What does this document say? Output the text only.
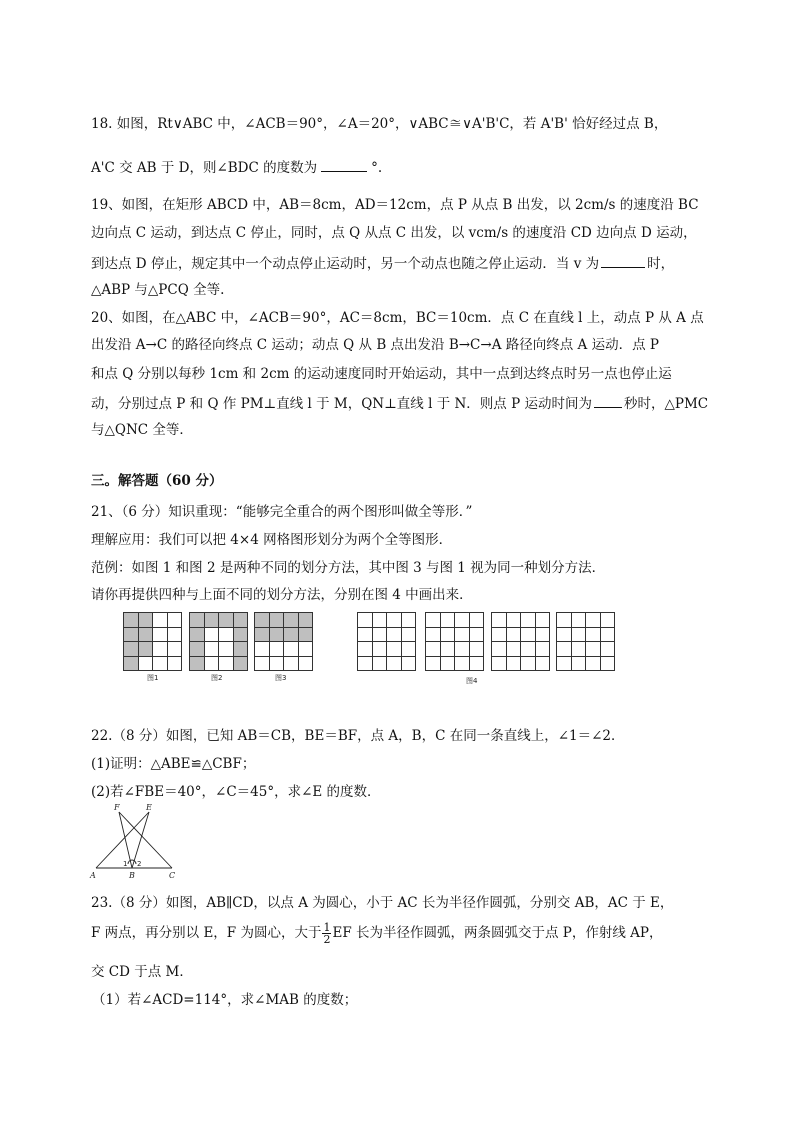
18. 如图，Rt∨ABC 中，∠ACB＝90°，∠A＝20°，∨ABC≅∨A'B'C，若 A'B' 恰好经过点 B，
A'C 交 AB 于 D，则∠BDC 的度数为	°.
19、如图，在矩形 ABCD 中，AB＝8cm，AD＝12cm，点 P 从点 B 出发，以 2cm/s 的速度沿 BC
边向点 C 运动，到达点 C 停止，同时，点 Q 从点 C 出发，以 vcm/s 的速度沿 CD 边向点 D 运动，
到达点 D 停止，规定其中一个动点停止运动时，另一个动点也随之停止运动．当 v 为	时，
△ABP 与△PCQ 全等.
20、如图，在△ABC 中，∠ACB＝90°，AC＝8cm，BC＝10cm．点 C 在直线 l 上，动点 P 从 A 点
出发沿 A→C 的路径向终点 C 运动；动点 Q 从 B 点出发沿 B→C→A 路径向终点 A 运动．点 P
和点 Q 分别以每秒 1cm 和 2cm 的运动速度同时开始运动，其中一点到达终点时另一点也停止运
动，分别过点 P 和 Q 作 PM⊥直线 l 于 M，QN⊥直线 l 于 N．则点 P 运动时间为 秒时，△PMC
与△QNC 全等．
三。解答题（60 分）
21、（6 分）知识重现：“能够完全重合的两个图形叫做全等形．”
理解应用：我们可以把 4×4 网格图形划分为两个全等图形．
范例：如图 1 和图 2 是两种不同的划分方法，其中图 3 与图 1 视为同一种划分方法．
请你再提供四种与上面不同的划分方法，分别在图 4 中画出来．
图1	图2	图3	图4
22.（8 分）如图，已知 AB＝CB，BE＝BF，点 A，B，C 在同一条直线上，∠1＝∠2．
(1)证明：△ABE≌△CBF；
(2)若∠FBE＝40°，∠C＝45°，求∠E 的度数．
F	E
A	B	C
1 2
23.（8 分）如图，AB∥CD，以点 A 为圆心，小于 AC 长为半径作圆弧，分别交 AB，AC 于 E，
F 两点，再分别以 E，F 为圆心，大于 $\frac{1}{2}$ EF 长为半径作圆弧，两条圆弧交于点 P，作射线 AP，
交 CD 于点 M．
（1）若∠ACD=114°，求∠MAB 的度数；
